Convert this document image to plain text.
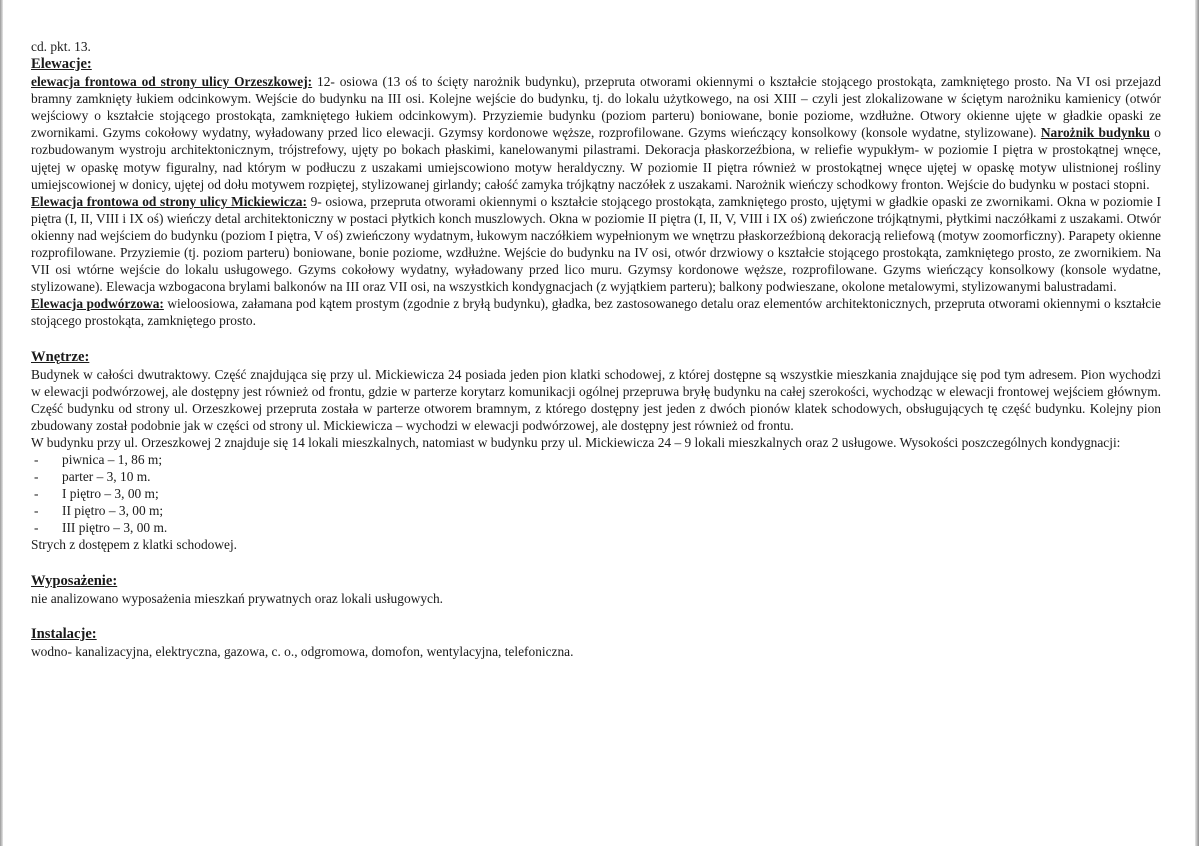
cd. pkt. 13.

Elewacje:

elewacja frontowa od strony ulicy Orzeszkowej: 12- osiowa (13 oś to ścięty narożnik budynku), przepruta otworami okiennymi o kształcie stojącego prostokąta, zamkniętego prosto. Na VI osi przejazd bramny zamknięty łukiem odcinkowym. Wejście do budynku na III osi. Kolejne wejście do budynku, tj. do lokalu użytkowego, na osi XIII – czyli jest zlokalizowane w ściętym narożniku kamienicy (otwór wejściowy o kształcie stojącego prostokąta, zamkniętego łukiem odcinkowym). Przyziemie budynku (poziom parteru) boniowane, bonie poziome, wzdłużne. Otwory okienne ujęte w gładkie opaski ze zwornikami. Gzyms cokołowy wydatny, wyładowany przed lico elewacji. Gzymsy kordonowe węższe, rozprofilowane. Gzyms wieńczący konsolkowy (konsole wydatne, stylizowane). Narożnik budynku o rozbudowanym wystroju architektonicznym, trójstrefowy, ujęty po bokach płaskimi, kanelowanymi pilastrami. Dekoracja płaskorzeźbiona, w reliefie wypukłym- w poziomie I piętra w prostokątnej wnęce, ujętej w opaskę motyw figuralny, nad którym w podłuczu z uszakami umiejscowiono motyw heraldyczny. W poziomie II piętra również w prostokątnej wnęce ujętej w opaskę motyw ulistnionej rośliny umiejscowionej w donicy, ujętej od dołu motywem rozpiętej, stylizowanej girlandy; całość zamyka trójkątny naczółek z uszakami. Narożnik wieńczy schodkowy fronton. Wejście do budynku w postaci stopni.

Elewacja frontowa od strony ulicy Mickiewicza: 9- osiowa, przepruta otworami okiennymi o kształcie stojącego prostokąta, zamkniętego prosto, ujętymi w gładkie opaski ze zwornikami. Okna w poziomie I piętra (I, II, VIII i IX oś) wieńczy detal architektoniczny w postaci płytkich konch muszlowych. Okna w poziomie II piętra (I, II, V, VIII i IX oś) zwieńczone trójkątnymi, płytkimi naczółkami z uszakami. Otwór okienny nad wejściem do budynku (poziom I piętra, V oś) zwieńczony wydatnym, łukowym naczółkiem wypełnionym we wnętrzu płaskorzeźbioną dekoracją reliefową (motyw zoomorficzny). Parapety okienne rozprofilowane. Przyziemie (tj. poziom parteru) boniowane, bonie poziome, wzdłużne. Wejście do budynku na IV osi, otwór drzwiowy o kształcie stojącego prostokąta, zamkniętego prosto, ze zwornikiem. Na VII osi wtórne wejście do lokalu usługowego. Gzyms cokołowy wydatny, wyładowany przed lico muru. Gzymsy kordonowe węższe, rozprofilowane. Gzyms wieńczący konsolkowy (konsole wydatne, stylizowane). Elewacja wzbogacona brylami balkonów na III oraz VII osi, na wszystkich kondygnacjach (z wyjątkiem parteru); balkony podwieszane, okolone metalowymi, stylizowanymi balustradami.

Elewacja podwórzowa: wieloosiowa, załamana pod kątem prostym (zgodnie z bryłą budynku), gładka, bez zastosowanego detalu oraz elementów architektonicznych, przepruta otworami okiennymi o kształcie stojącego prostokąta, zamkniętego prosto.

Wnętrze:

Budynek w całości dwutraktowy. Część znajdująca się przy ul. Mickiewicza 24 posiada jeden pion klatki schodowej, z której dostępne są wszystkie mieszkania znajdujące się pod tym adresem. Pion wychodzi w elewacji podwórzowej, ale dostępny jest również od frontu, gdzie w parterze korytarz komunikacji ogólnej przepruwa bryłę budynku na całej szerokości, wychodząc w elewacji frontowej wejściem głównym. Część budynku od strony ul. Orzeszkowej przepruta została w parterze otworem bramnym, z którego dostępny jest jeden z dwóch pionów klatek schodowych, obsługujących tę część budynku. Kolejny pion zbudowany został podobnie jak w części od strony ul. Mickiewicza – wychodzi w elewacji podwórzowej, ale dostępny jest również od frontu.

W budynku przy ul. Orzeszkowej 2 znajduje się 14 lokali mieszkalnych, natomiast w budynku przy ul. Mickiewicza 24 – 9 lokali mieszkalnych oraz 2 usługowe. Wysokości poszczególnych kondygnacji:

- piwnica – 1, 86 m;
- parter – 3, 10 m.
- I piętro – 3, 00 m;
- II piętro – 3, 00 m;
- III piętro – 3, 00 m.

Strych z dostępem z klatki schodowej.

Wyposażenie:

nie analizowano wyposażenia mieszkań prywatnych oraz lokali usługowych.

Instalacje:

wodno- kanalizacyjna, elektryczna, gazowa, c. o., odgromowa, domofon, wentylacyjna, telefoniczna.
